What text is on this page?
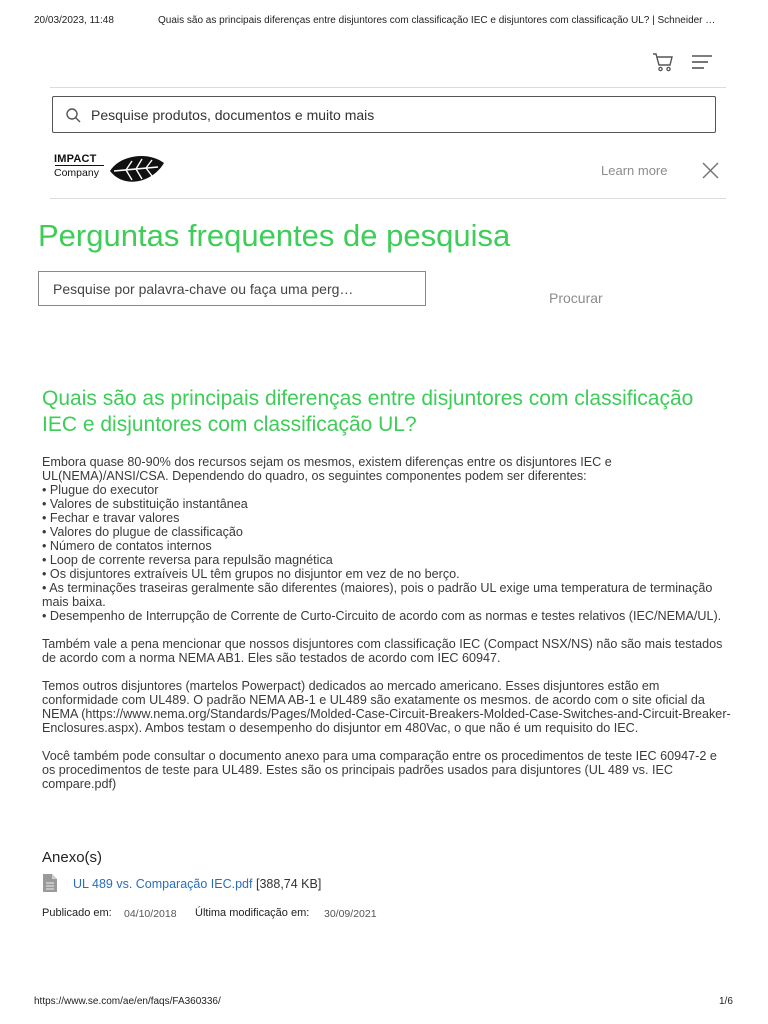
20/03/2023, 11:48	Quais são as principais diferenças entre disjuntores com classificação IEC e disjuntores com classificação UL? | Schneider …
Pesquise produtos, documentos e muito mais
IMPACT
Company	Learn more
Perguntas frequentes de pesquisa
Pesquise por palavra-chave ou faça uma perg…
Procurar
Quais são as principais diferenças entre disjuntores com classificação IEC e disjuntores com classificação UL?

Embora quase 80-90% dos recursos sejam os mesmos, existem diferenças entre os disjuntores IEC e UL(NEMA)/ANSI/CSA. Dependendo do quadro, os seguintes componentes podem ser diferentes:

• Plugue do executor
• Valores de substituição instantânea
• Fechar e travar valores
• Valores do plugue de classificação
• Número de contatos internos
• Loop de corrente reversa para repulsão magnética
• Os disjuntores extraíveis UL têm grupos no disjuntor em vez de no berço.
• As terminações traseiras geralmente são diferentes (maiores), pois o padrão UL exige uma temperatura de terminação mais baixa.
• Desempenho de Interrupção de Corrente de Curto-Circuito de acordo com as normas e testes relativos (IEC/NEMA/UL).

Também vale a pena mencionar que nossos disjuntores com classificação IEC (Compact NSX/NS) não são mais testados de acordo com a norma NEMA AB1. Eles são testados de acordo com IEC 60947.

Temos outros disjuntores (martelos Powerpact) dedicados ao mercado americano. Esses disjuntores estão em conformidade com UL489. O padrão NEMA AB-1 e UL489 são exatamente os mesmos. de acordo com o site oficial da NEMA (https://www.nema.org/Standards/Pages/Molded-Case-Circuit-Breakers-Molded-Case-Switches-and-Circuit-Breaker-Enclosures.aspx). Ambos testam o desempenho do disjuntor em 480Vac, o que não é um requisito do IEC.

Você também pode consultar o documento anexo para uma comparação entre os procedimentos de teste IEC 60947-2 e os procedimentos de teste para UL489. Estes são os principais padrões usados para disjuntores (UL 489 vs. IEC compare.pdf)

Anexo(s)
UL 489 vs. Comparação IEC.pdf [388,74 KB]
Publicado em: 04/10/2018 Última modificação em: 30/09/2021
https://www.se.com/ae/en/faqs/FA360336/	1/6
